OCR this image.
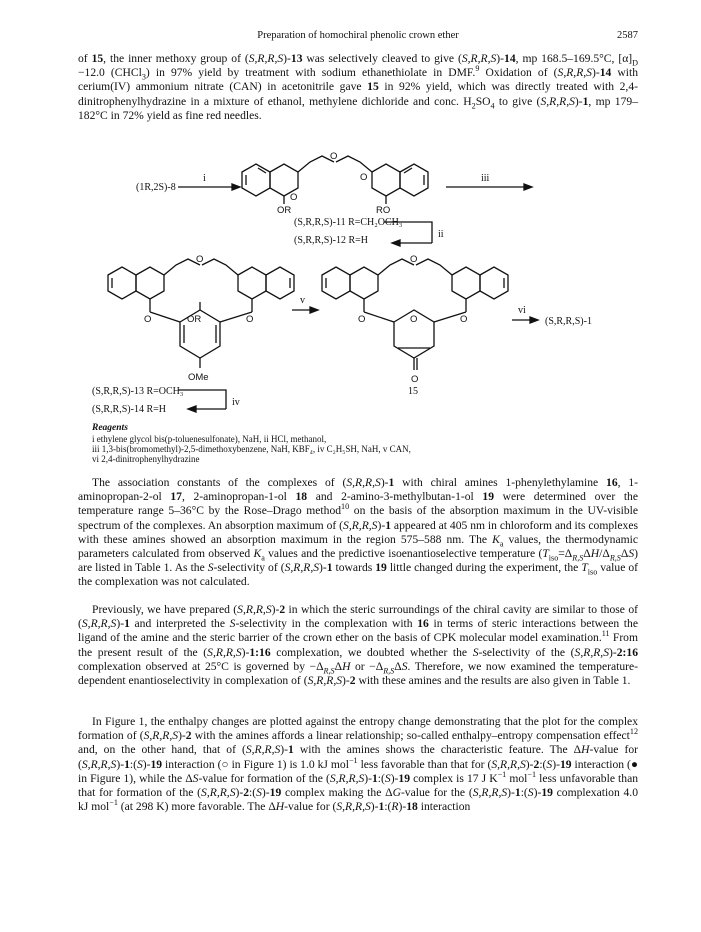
Preparation of homochiral phenolic crown ether	2587

of 15, the inner methoxy group of (S,R,R,S)-13 was selectively cleaved to give (S,R,R,S)-14, mp 168.5–169.5°C, $[\alpha]_D -12.0$ (CHCl$_3$) in 97% yield by treatment with sodium ethanethiolate in DMF.$^9$ Oxidation of (S,R,R,S)-14 with cerium(IV) ammonium nitrate (CAN) in acetonitrile gave 15 in 92% yield, which was directly treated with 2,4-dinitrophenylhydrazine in a mixture of ethanol, methylene dichloride and conc. $H_2SO_4$ to give (S,R,R,S)-1, mp 179–182°C in 72% yield as fine red needles.

(1R,2S)-8
i	iii
ii
O
O
O
OR	RO
(S,R,R,S)-11 R=CH₂OCH₃
(S,R,R,S)-12 R=H
O
O	OR	O
OMe
v
O
O	O	O
O
vi
(S,R,R,S)-1
(S,R,R,S)-13 R=OCH₃
(S,R,R,S)-14 R=H
iv
15

Reagents

i ethylene glycol bis(p-toluenesulfonate), NaH, ii HCl, methanol,

iii 1,3-bis(bromomethyl)-2,5-dimethoxybenzene, NaH, KBF₄, iv C₂H₅SH, NaH, v CAN,

vi 2,4-dinitrophenylhydrazine

The association constants of the complexes of (S,R,R,S)-1 with chiral amines 1-phenylethylamine 16, 1-aminopropan-2-ol 17, 2-aminopropan-1-ol 18 and 2-amino-3-methylbutan-1-ol 19 were determined over the temperature range 5–36°C by the Rose–Drago method$^{10}$ on the basis of the absorption maximum in the UV-visible spectrum of the complexes. An absorption maximum of (S,R,R,S)-1 appeared at 405 nm in chloroform and its complexes with these amines showed an absorption maximum in the region 575–588 nm. The $K_a$ values, the thermodynamic parameters calculated from observed $K_a$ values and the predictive isoenantioselective temperature $(T_{iso}=\Delta_{R,S}\Delta H/\Delta_{R,S}\Delta S)$ are listed in Table 1. As the S-selectivity of (S,R,R,S)-1 towards 19 little changed during the experiment, the $T_{iso}$ value of the complexation was not calculated.

Previously, we have prepared (S,R,R,S)-2 in which the steric surroundings of the chiral cavity are similar to those of (S,R,R,S)-1 and interpreted the S-selectivity in the complexation with 16 in terms of steric interactions between the ligand of the amine and the steric barrier of the crown ether on the basis of CPK molecular model examination.$^{11}$ From the present result of the (S,R,R,S)-1:16 complexation, we doubted whether the S-selectivity of the (S,R,R,S)-2:16 complexation observed at 25°C is governed by $-\Delta_{R,S}\Delta H$ or $-\Delta_{R,S}\Delta S$. Therefore, we now examined the temperature-dependent enantioselectivity in complexation of (S,R,R,S)-2 with these amines and the results are also given in Table 1.

In Figure 1, the enthalpy changes are plotted against the entropy change demonstrating that the plot for the complex formation of (S,R,R,S)-2 with the amines affords a linear relationship; so-called enthalpy–entropy compensation effect$^{12}$ and, on the other hand, that of (S,R,R,S)-1 with the amines shows the characteristic feature. The ΔH-value for (S,R,R,S)-1:(S)-19 interaction (○ in Figure 1) is 1.0 kJ mol$^{-1}$ less favorable than that for (S,R,R,S)-2:(S)-19 interaction (● in Figure 1), while the ΔS-value for formation of the (S,R,R,S)-1:(S)-19 complex is 17 J $K^{-1}$ mol$^{-1}$ less unfavorable than that for formation of the (S,R,R,S)-2:(S)-19 complex making the ΔG-value for the (S,R,R,S)-1:(S)-19 complexation 4.0 kJ mol$^{-1}$ (at 298 K) more favorable. The ΔH-value for (S,R,R,S)-1:(R)-18 interaction
